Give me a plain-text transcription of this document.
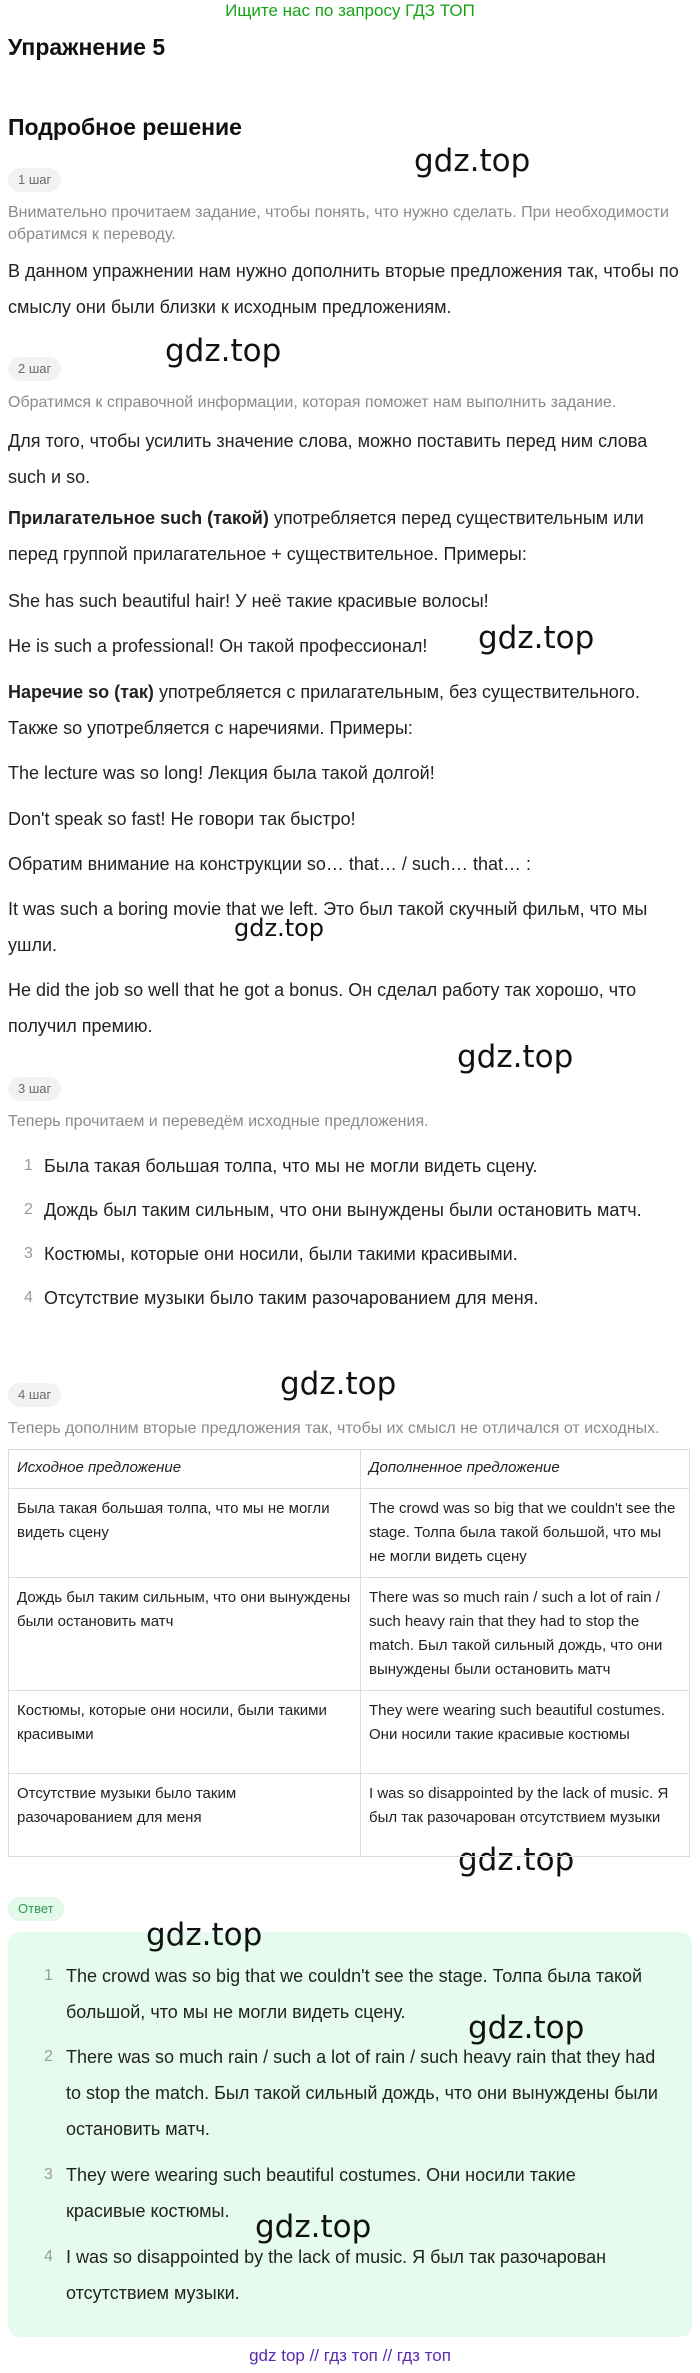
Ищите нас по запросу ГДЗ ТОП
Упражнение 5
Подробное решение
gdz.top
gdz.top
gdz.top
gdz.top
gdz.top
gdz.top
gdz.top
gdz.top
gdz.top
gdz.top
1 шаг
Внимательно прочитаем задание, чтобы понять, что нужно сделать. При необходимости обратимся к переводу.
В данном упражнении нам нужно дополнить вторые предложения так, чтобы по смыслу они были близки к исходным предложениям.
2 шаг
Обратимся к справочной информации, которая поможет нам выполнить задание.
Для того, чтобы усилить значение слова, можно поставить перед ним слова such и so.
Прилагательное such (такой) употребляется перед существительным или перед группой прилагательное + существительное. Примеры:
She has such beautiful hair! У неё такие красивые волосы!
He is such a professional! Он такой профессионал!
Наречие so (так) употребляется с прилагательным, без существительного. Также so употребляется с наречиями. Примеры:
The lecture was so long! Лекция была такой долгой!
Don't speak so fast! Не говори так быстро!
Обратим внимание на конструкции so… that… / such… that… :
It was such a boring movie that we left. Это был такой скучный фильм, что мы ушли.
He did the job so well that he got a bonus. Он сделал работу так хорошо, что получил премию.
3 шаг
Теперь прочитаем и переведём исходные предложения.
1 Была такая большая толпа, что мы не могли видеть сцену.
2 Дождь был таким сильным, что они вынуждены были остановить матч.
3 Костюмы, которые они носили, были такими красивыми.
4 Отсутствие музыки было таким разочарованием для меня.
4 шаг
Теперь дополним вторые предложения так, чтобы их смысл не отличался от исходных.
Исходное предложение	Дополненное предложение
Была такая большая толпа, что мы не могли видеть сцену	The crowd was so big that we couldn't see the stage. Толпа была такой большой, что мы не могли видеть сцену
Дождь был таким сильным, что они вынуждены были остановить матч	There was so much rain / such a lot of rain / such heavy rain that they had to stop the match. Был такой сильный дождь, что они вынуждены были остановить матч
Костюмы, которые они носили, были такими красивыми	They were wearing such beautiful costumes. Они носили такие красивые костюмы
Отсутствие музыки было таким разочарованием для меня	I was so disappointed by the lack of music. Я был так разочарован отсутствием музыки
Ответ
1 The crowd was so big that we couldn't see the stage. Толпа была такой большой, что мы не могли видеть сцену.
2 There was so much rain / such a lot of rain / such heavy rain that they had to stop the match. Был такой сильный дождь, что они вынуждены были остановить матч.
3 They were wearing such beautiful costumes. Они носили такие красивые костюмы.
4 I was so disappointed by the lack of music. Я был так разочарован отсутствием музыки.
gdz top // гдз топ // гдз топ
